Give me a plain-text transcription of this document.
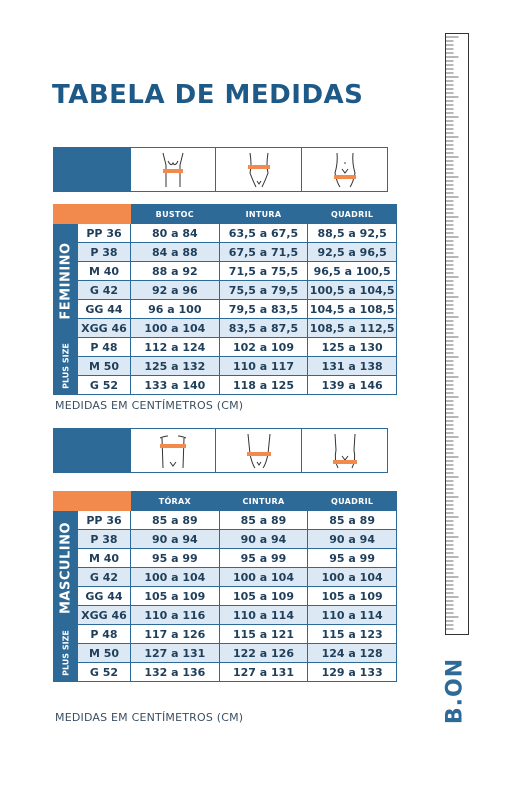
TABELA DE MEDIDAS
		BUSTOC	INTURA	QUADRIL

FEMININO	PP 36	80 a 84	63,5 a 67,5	88,5 a 92,5
	P 38	84 a 88	67,5 a 71,5	92,5 a 96,5
	M 40	88 a 92	71,5 a 75,5	96,5 a 100,5
	G 42	92 a 96	75,5 a 79,5	100,5 a 104,5
	GG 44	96 a 100	79,5 a 83,5	104,5 a 108,5
	XGG 46	100 a 104	83,5 a 87,5	108,5 a 112,5

PLUS SIZE	P 48	112 a 124	102 a 109	125 a 130
	M 50	125 a 132	110 a 117	131 a 138
	G 52	133 a 140	118 a 125	139 a 146
MEDIDAS EM CENTÍMETROS (CM)
		TÓRAX	CINTURA	QUADRIL

MASCULINO	PP 36	85 a 89	85 a 89	85 a 89
	P 38	90 a 94	90 a 94	90 a 94
	M 40	95 a 99	95 a 99	95 a 99
	G 42	100 a 104	100 a 104	100 a 104
	GG 44	105 a 109	105 a 109	105 a 109
	XGG 46	110 a 116	110 a 114	110 a 114

PLUS SIZE	P 48	117 a 126	115 a 121	115 a 123
	M 50	127 a 131	122 a 126	124 a 128
	G 52	132 a 136	127 a 131	129 a 133
MEDIDAS EM CENTÍMETROS (CM)	B.ON
